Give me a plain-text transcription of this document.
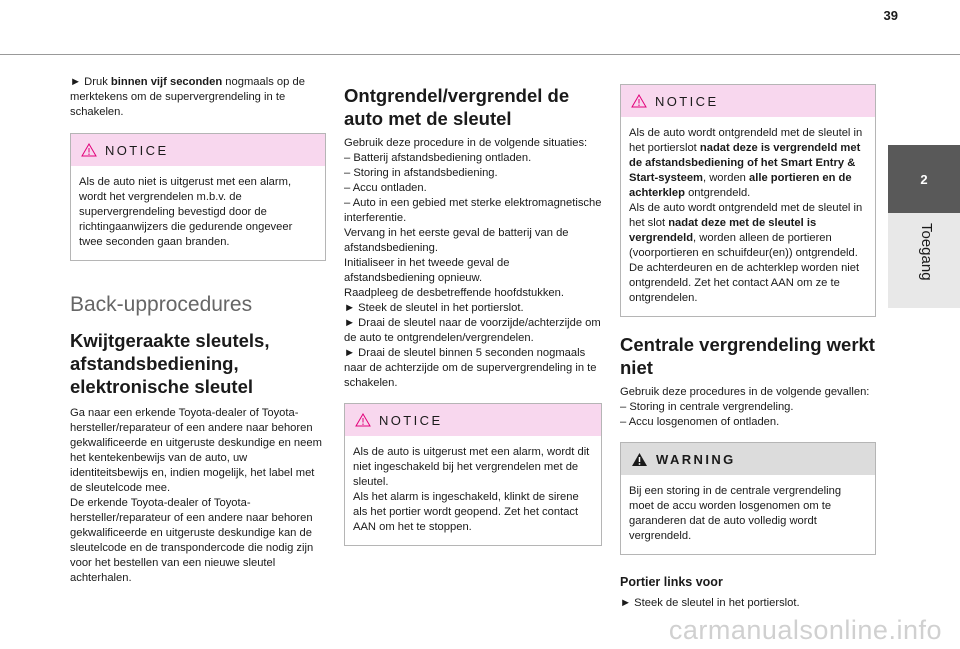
39
2
Toegang

► Druk binnen vijf seconden nogmaals op de merktekens om de supervergrendeling in te schakelen.

NOTICE

Als de auto niet is uitgerust met een alarm, wordt het vergrendelen m.b.v. de supervergrendeling bevestigd door de richtingaanwijzers die gedurende ongeveer twee seconden gaan branden.

Back-upprocedures
Kwijtgeraakte sleutels, afstandsbediening, elektronische sleutel

Ga naar een erkende Toyota-dealer of Toyota-hersteller/reparateur of een andere naar behoren gekwalificeerde en uitgeruste deskundige en neem het kentekenbewijs van de auto, uw identiteitsbewijs en, indien mogelijk, het label met de sleutelcode mee.
De erkende Toyota-dealer of Toyota-hersteller/reparateur of een andere naar behoren gekwalificeerde en uitgeruste deskundige kan de sleutelcode en de transpondercode die nodig zijn voor het bestellen van een nieuwe sleutel achterhalen.

Ontgrendel/vergrendel de auto met de sleutel

Gebruik deze procedure in de volgende situaties:
– Batterij afstandsbediening ontladen.
– Storing in afstandsbediening.
– Accu ontladen.
– Auto in een gebied met sterke elektromagnetische interferentie.
Vervang in het eerste geval de batterij van de afstandsbediening.
Initialiseer in het tweede geval de afstandsbediening opnieuw.
Raadpleeg de desbetreffende hoofdstukken.
► Steek de sleutel in het portierslot.
► Draai de sleutel naar de voorzijde/achterzijde om de auto te ontgrendelen/vergrendelen.
► Draai de sleutel binnen 5 seconden nogmaals naar de achterzijde om de supervergrendeling in te schakelen.

NOTICE

Als de auto is uitgerust met een alarm, wordt dit niet ingeschakeld bij het vergrendelen met de sleutel.
Als het alarm is ingeschakeld, klinkt de sirene als het portier wordt geopend. Zet het contact AAN om het te stoppen.

NOTICE

Als de auto wordt ontgrendeld met de sleutel in het portierslot nadat deze is vergrendeld met de afstandsbediening of het Smart Entry & Start-systeem, worden alle portieren en de achterklep ontgrendeld.
Als de auto wordt ontgrendeld met de sleutel in het slot nadat deze met de sleutel is vergrendeld, worden alleen de portieren (voorportieren en schuifdeur(en)) ontgrendeld. De achterdeuren en de achterklep worden niet ontgrendeld. Zet het contact AAN om ze te ontgrendelen.

Centrale vergrendeling werkt niet

Gebruik deze procedures in de volgende gevallen:
– Storing in centrale vergrendeling.
– Accu losgenomen of ontladen.

WARNING

Bij een storing in de centrale vergrendeling moet de accu worden losgenomen om te garanderen dat de auto volledig wordt vergrendeld.

Portier links voor

► Steek de sleutel in het portierslot.

carmanualsonline.info
